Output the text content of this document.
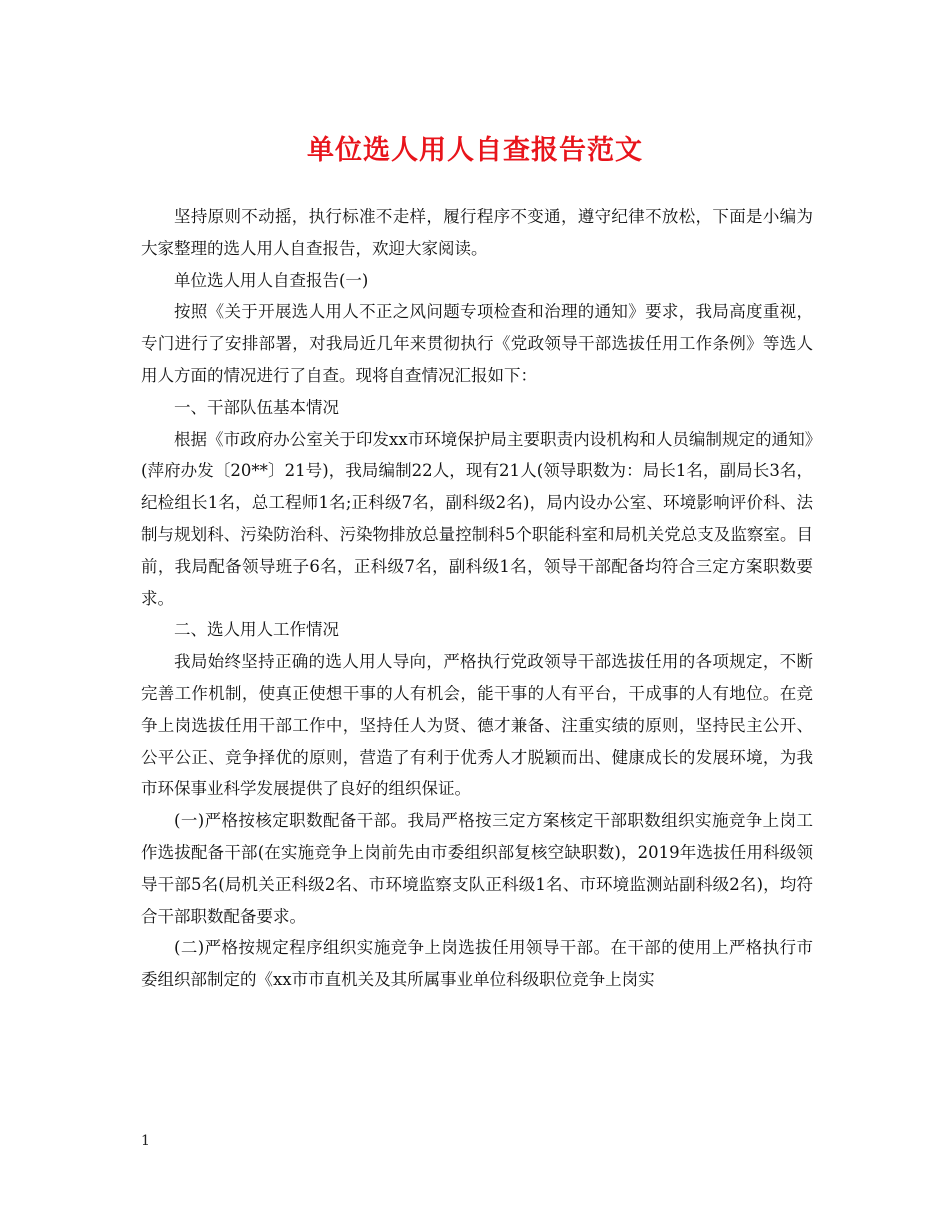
单位选人用人自查报告范文

坚持原则不动摇，执行标准不走样，履行程序不变通，遵守纪律不放松，下面是小编为大家整理的选人用人自查报告，欢迎大家阅读。

单位选人用人自查报告(一)

按照《关于开展选人用人不正之风问题专项检查和治理的通知》要求，我局高度重视，专门进行了安排部署，对我局近几年来贯彻执行《党政领导干部选拔任用工作条例》等选人用人方面的情况进行了自查。现将自查情况汇报如下：

一、干部队伍基本情况

根据《市政府办公室关于印发xx市环境保护局主要职责内设机构和人员编制规定的通知》(萍府办发〔20**〕21号)，我局编制22人，现有21人(领导职数为：局长1名，副局长3名，纪检组长1名，总工程师1名;正科级7名，副科级2名)，局内设办公室、环境影响评价科、法制与规划科、污染防治科、污染物排放总量控制科5个职能科室和局机关党总支及监察室。目前，我局配备领导班子6名，正科级7名，副科级1名，领导干部配备均符合三定方案职数要求。

二、选人用人工作情况

我局始终坚持正确的选人用人导向，严格执行党政领导干部选拔任用的各项规定，不断完善工作机制，使真正使想干事的人有机会，能干事的人有平台，干成事的人有地位。在竞争上岗选拔任用干部工作中，坚持任人为贤、德才兼备、注重实绩的原则，坚持民主公开、公平公正、竞争择优的原则，营造了有利于优秀人才脱颖而出、健康成长的发展环境，为我市环保事业科学发展提供了良好的组织保证。

(一)严格按核定职数配备干部。我局严格按三定方案核定干部职数组织实施竞争上岗工作选拔配备干部(在实施竞争上岗前先由市委组织部复核空缺职数)，2019年选拔任用科级领导干部5名(局机关正科级2名、市环境监察支队正科级1名、市环境监测站副科级2名)，均符合干部职数配备要求。

(二)严格按规定程序组织实施竞争上岗选拔任用领导干部。在干部的使用上严格执行市委组织部制定的《xx市市直机关及其所属事业单位科级职位竞争上岗实

1
